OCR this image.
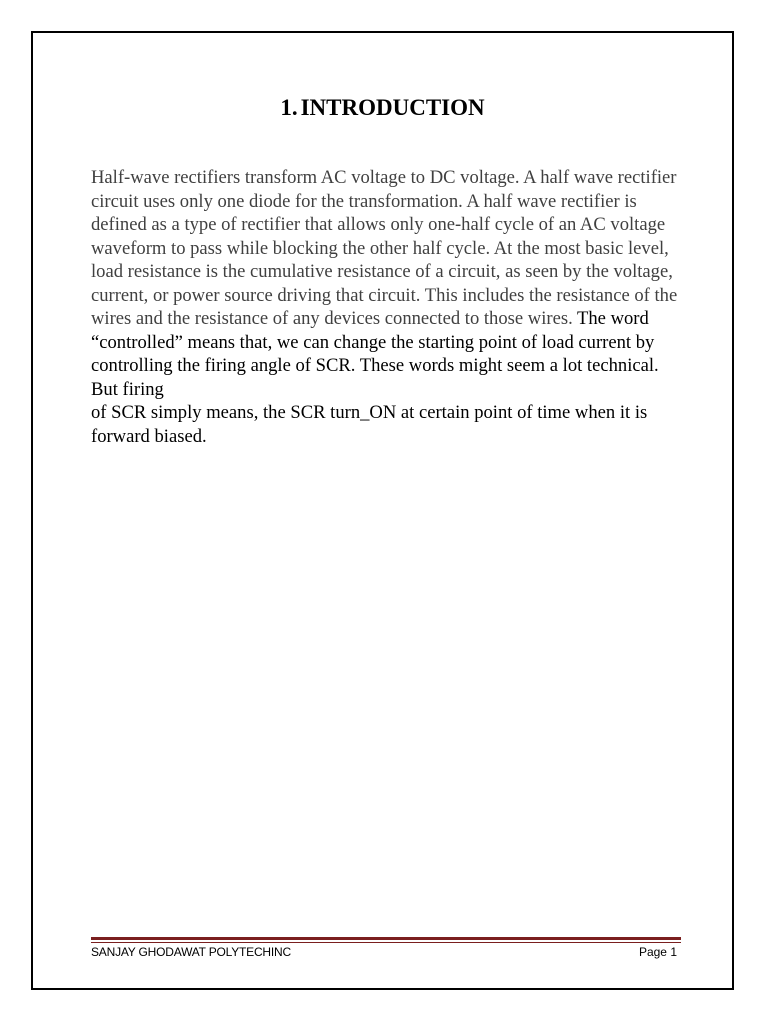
1. INTRODUCTION

Half-wave rectifiers transform AC voltage to DC voltage. A half wave rectifier circuit uses only one diode for the transformation. A half wave rectifier is defined as a type of rectifier that allows only one-half cycle of an AC voltage waveform to pass while blocking the other half cycle. At the most basic level, load resistance is the cumulative resistance of a circuit, as seen by the voltage, current, or power source driving that circuit. This includes the resistance of the wires and the resistance of any devices connected to those wires. The word “controlled” means that, we can change the starting point of load current by controlling the firing angle of SCR. These words might seem a lot technical. But firing
of SCR simply means, the SCR turn_ON at certain point of time when it is forward biased.

SANJAY GHODAWAT POLYTECHINC	Page 1
